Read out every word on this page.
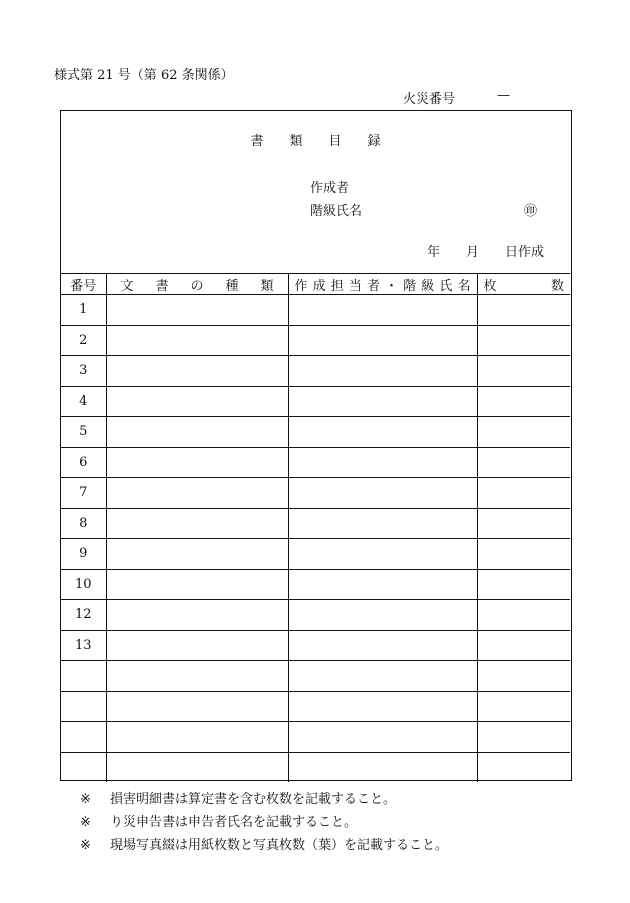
様式第 21 号（第 62 条関係）
火災番号	—
書　　類　　目　　録
作成者
階級氏名	㊞
年　　月　　日作成
番号	文書の種類	作成担当者・階級氏名	枚数
1			
2			
3			
4			
5			
6			
7			
8			
9			
10			
12			
13			

※ 損害明細書は算定書を含む枚数を記載すること。
※ り災申告書は申告者氏名を記載すること。
※ 現場写真綴は用紙枚数と写真枚数（葉）を記載すること。
